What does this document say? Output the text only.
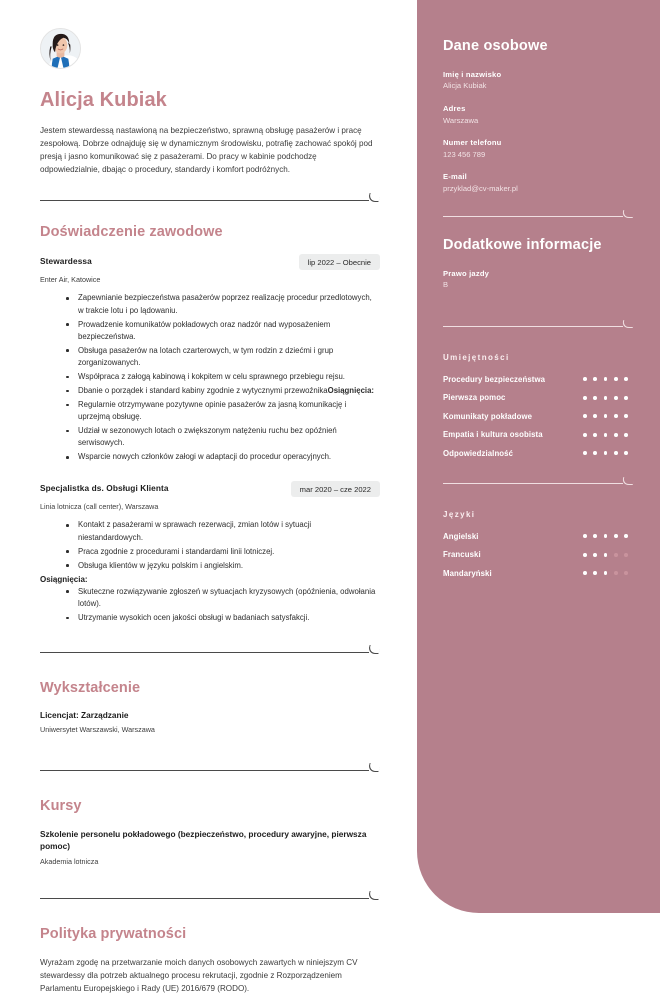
Dane osobowe
Imię i nazwisko
Alicja Kubiak
Adres
Warszawa
Numer telefonu
123 456 789
E-mail
przyklad@cv-maker.pl
Dodatkowe informacje
Prawo jazdy
B
Umiejętności
Procedury bezpieczeństwa
Pierwsza pomoc
Komunikaty pokładowe
Empatia i kultura osobista
Odpowiedzialność
Języki
Angielski
Francuski
Mandaryński
Alicja Kubiak

Jestem stewardessą nastawioną na bezpieczeństwo, sprawną obsługę pasażerów i pracę zespołową. Dobrze odnajduję się w dynamicznym środowisku, potrafię zachować spokój pod presją i jasno komunikować się z pasażerami. Do pracy w kabinie podchodzę odpowiedzialnie, dbając o procedury, standardy i komfort podróżnych.

Doświadczenie zawodowe
Stewardessa	lip 2022 – Obecnie
Enter Air, Katowice
Zapewnianie bezpieczeństwa pasażerów poprzez realizację procedur przedlotowych, w trakcie lotu i po lądowaniu.
Prowadzenie komunikatów pokładowych oraz nadzór nad wyposażeniem bezpieczeństwa.
Obsługa pasażerów na lotach czarterowych, w tym rodzin z dziećmi i grup zorganizowanych.
Współpraca z załogą kabinową i kokpitem w celu sprawnego przebiegu rejsu.
Dbanie o porządek i standard kabiny zgodnie z wytycznymi przewoźnikaOsiągnięcia:
Regularnie otrzymywane pozytywne opinie pasażerów za jasną komunikację i uprzejmą obsługę.
Udział w sezonowych lotach o zwiększonym natężeniu ruchu bez opóźnień serwisowych.
Wsparcie nowych członków załogi w adaptacji do procedur operacyjnych.
Specjalistka ds. Obsługi Klienta	mar 2020 – cze 2022
Linia lotnicza (call center), Warszawa
Kontakt z pasażerami w sprawach rezerwacji, zmian lotów i sytuacji niestandardowych.
Praca zgodnie z procedurami i standardami linii lotniczej.
Obsługa klientów w języku polskim i angielskim.
Osiągnięcia:
Skuteczne rozwiązywanie zgłoszeń w sytuacjach kryzysowych (opóźnienia, odwołania lotów).
Utrzymanie wysokich ocen jakości obsługi w badaniach satysfakcji.
Wykształcenie
Licencjat: Zarządzanie
Uniwersytet Warszawski, Warszawa
Kursy
Szkolenie personelu pokładowego (bezpieczeństwo, procedury awaryjne, pierwsza pomoc)
Akademia lotnicza
Polityka prywatności

Wyrażam zgodę na przetwarzanie moich danych osobowych zawartych w niniejszym CV stewardessy dla potrzeb aktualnego procesu rekrutacji, zgodnie z Rozporządzeniem Parlamentu Europejskiego i Rady (UE) 2016/679 (RODO).
